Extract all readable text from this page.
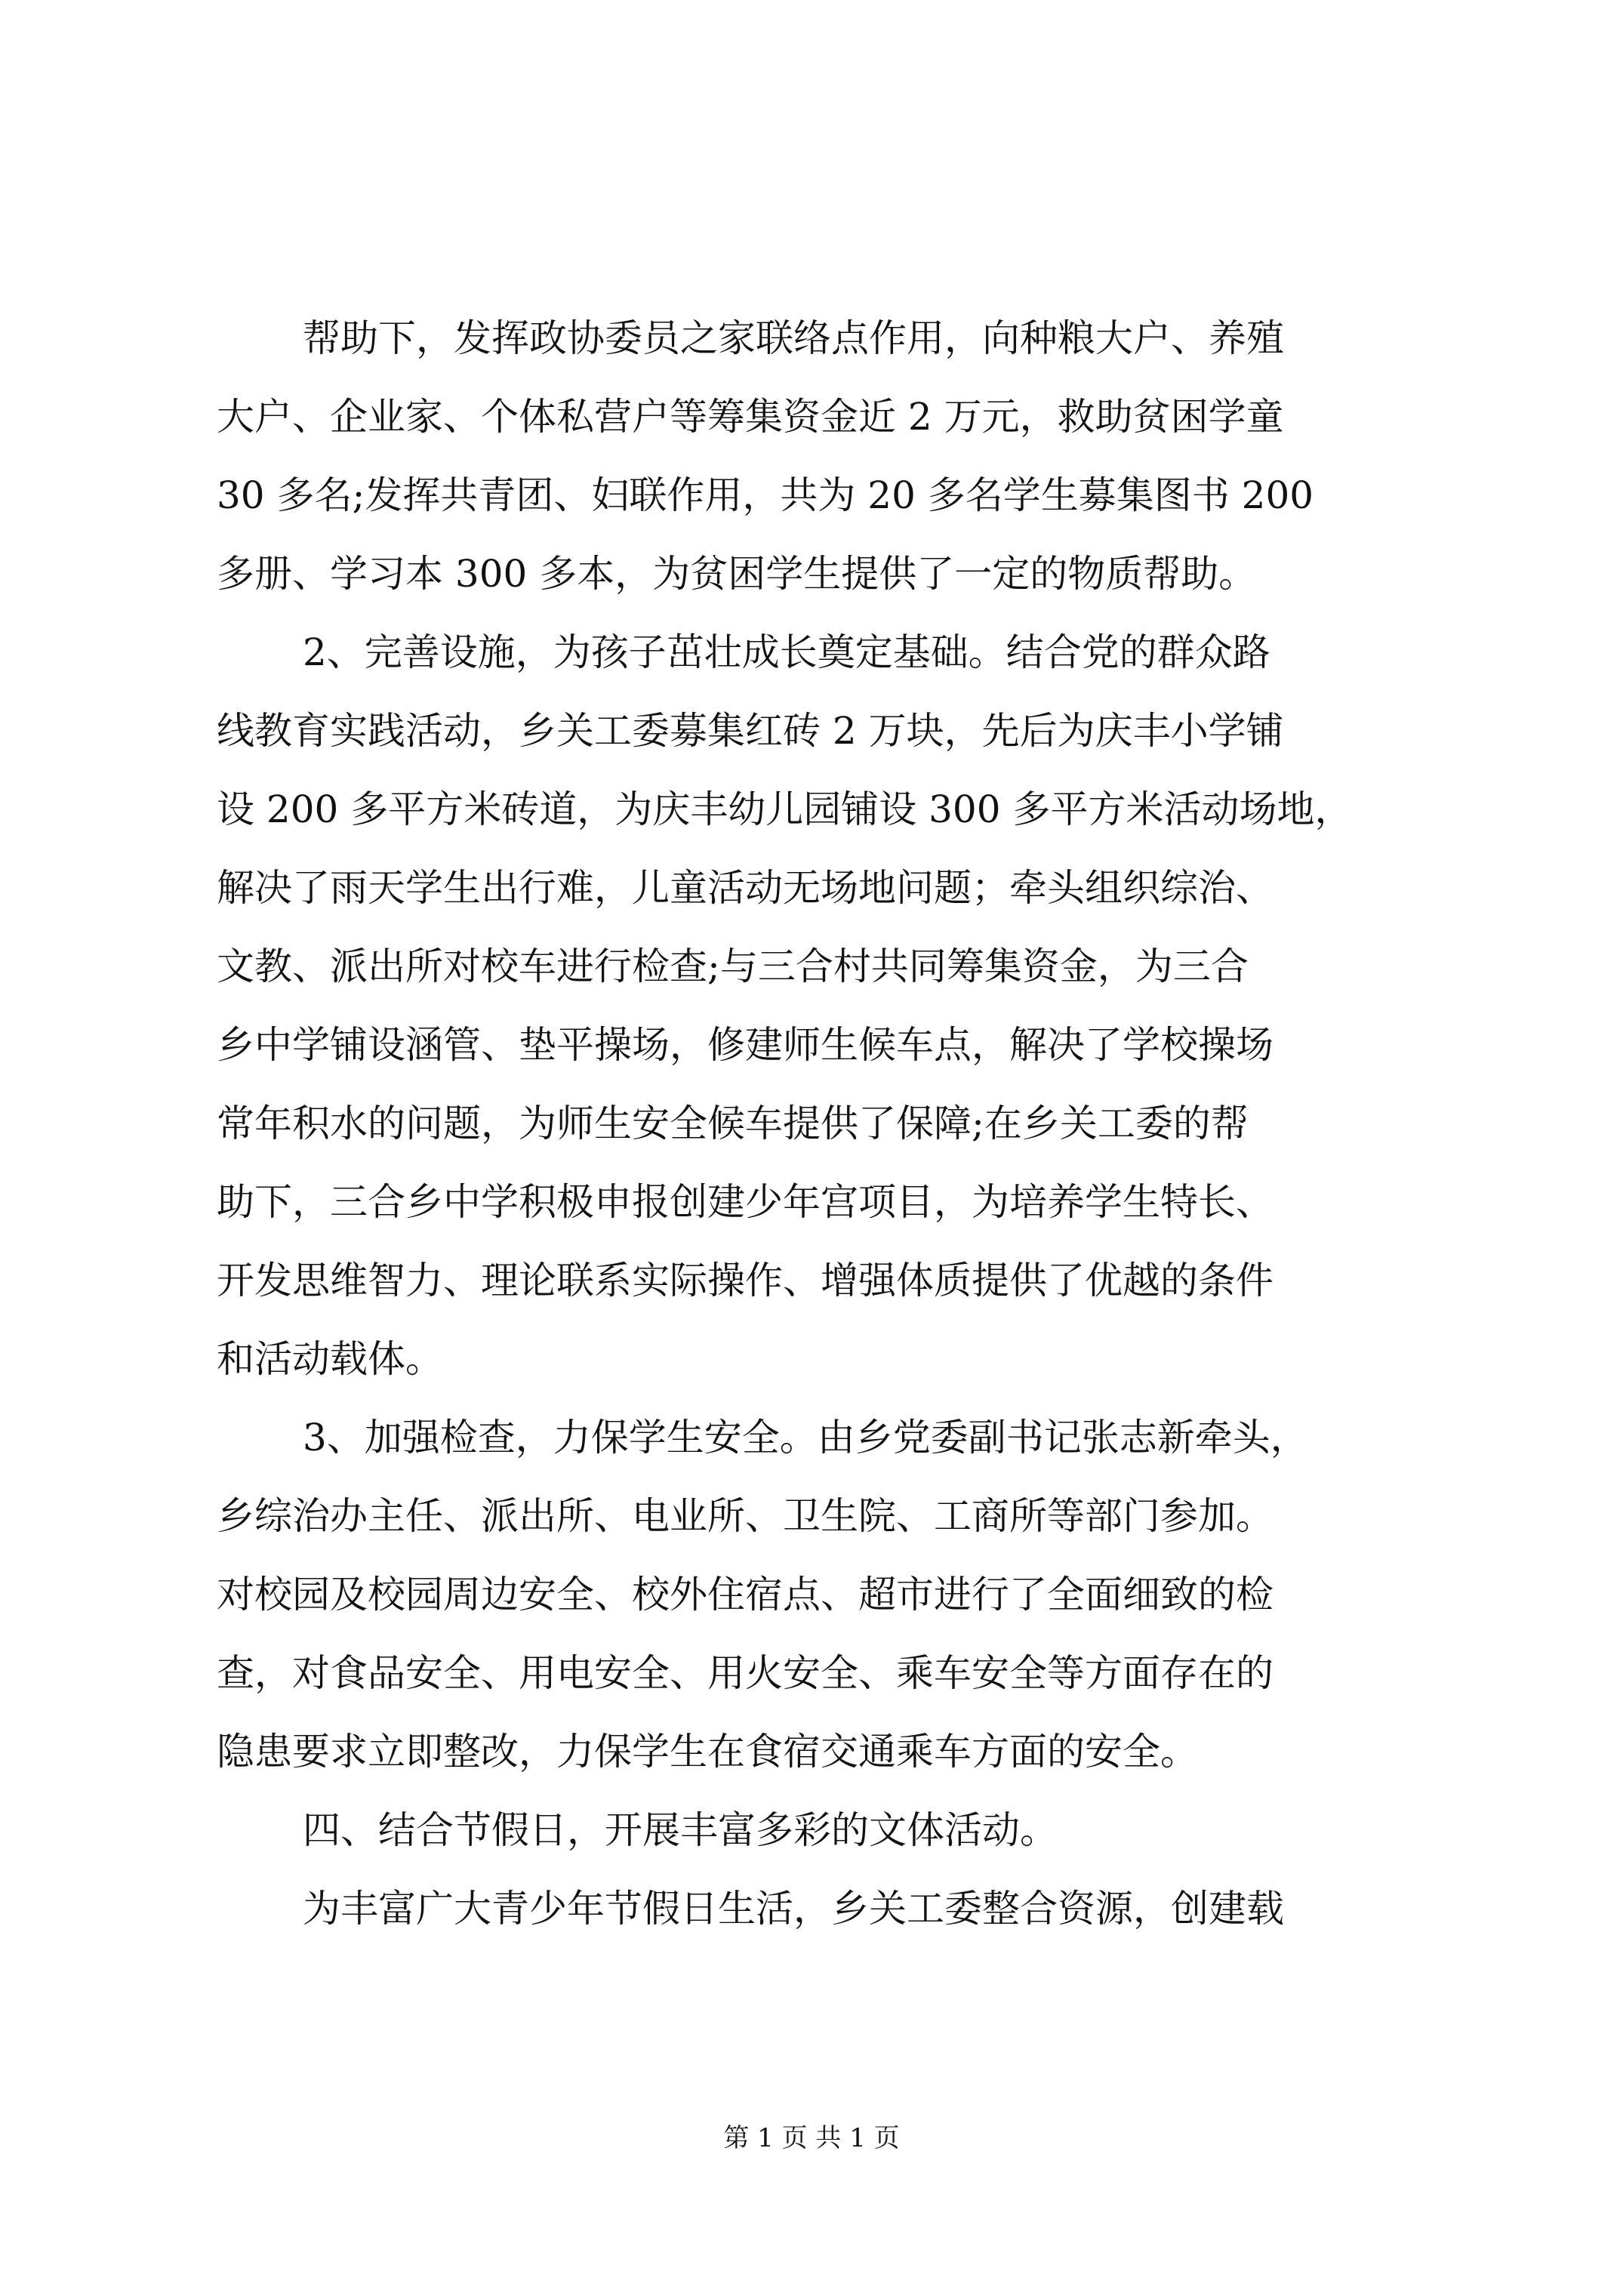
帮助下，发挥政协委员之家联络点作用，向种粮大户、养殖
大户、企业家、个体私营户等筹集资金近 2 万元，救助贫困学童
30 多名;发挥共青团、妇联作用，共为 20 多名学生募集图书 200
多册、学习本 300 多本，为贫困学生提供了一定的物质帮助。
2、完善设施，为孩子茁壮成长奠定基础。结合党的群众路
线教育实践活动，乡关工委募集红砖 2 万块，先后为庆丰小学铺
设 200 多平方米砖道，为庆丰幼儿园铺设 300 多平方米活动场地，
解决了雨天学生出行难，儿童活动无场地问题；牵头组织综治、
文教、派出所对校车进行检查;与三合村共同筹集资金，为三合
乡中学铺设涵管、垫平操场，修建师生候车点，解决了学校操场
常年积水的问题，为师生安全候车提供了保障;在乡关工委的帮
助下，三合乡中学积极申报创建少年宫项目，为培养学生特长、
开发思维智力、理论联系实际操作、增强体质提供了优越的条件
和活动载体。
3、加强检查，力保学生安全。由乡党委副书记张志新牵头，
乡综治办主任、派出所、电业所、卫生院、工商所等部门参加。
对校园及校园周边安全、校外住宿点、超市进行了全面细致的检
查，对食品安全、用电安全、用火安全、乘车安全等方面存在的
隐患要求立即整改，力保学生在食宿交通乘车方面的安全。
四、结合节假日，开展丰富多彩的文体活动。
为丰富广大青少年节假日生活，乡关工委整合资源，创建载
第 1 页 共 1 页
